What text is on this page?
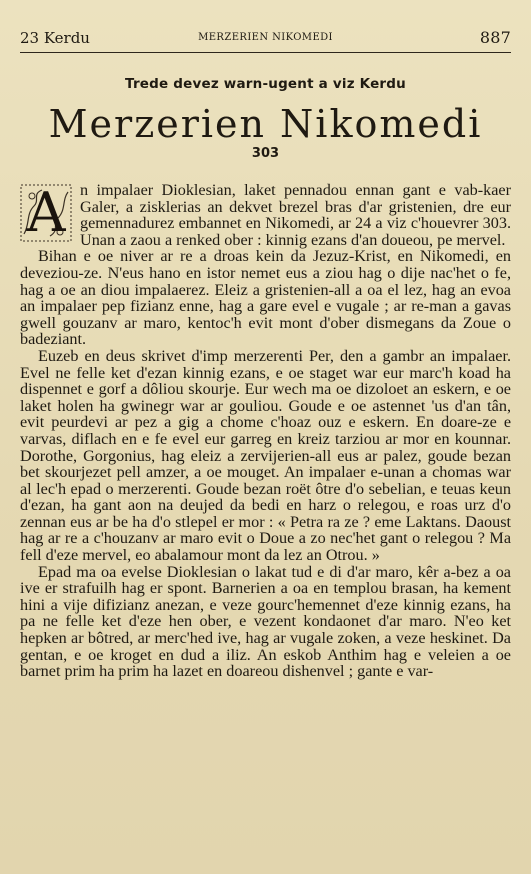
23 Kerdu	MERZERIEN NIKOMEDI	887
Trede devez warn-ugent a viz Kerdu
Merzerien Nikomedi
303
A n impalaer Dioklesian, laket pennadou ennan gant e vab-kaer Galer, a zisklerias an dekvet brezel bras d'ar gristenien, dre eur gemennadurez embannet en Nikomedi, ar 24 a viz c'houevrer 303. Unan a zaou a renked ober : kinnig ezans d'an doueou, pe mervel.

Bihan e oe niver ar re a droas kein da Jezuz-Krist, en Nikomedi, en deveziou-ze. N'eus hano en istor nemet eus a ziou hag o dije nac'het o fe, hag a oe an diou impalaerez. Eleiz a gristenien-all a oa el lez, hag an evoa an impalaer pep fizianz enne, hag a gare evel e vugale ; ar re-man a gavas gwell gouzanv ar maro, kentoc'h evit mont d'ober dismegans da Zoue o badeziant.

Euzeb en deus skrivet d'imp merzerenti Per, den a gambr an impalaer. Evel ne felle ket d'ezan kinnig ezans, e oe staget war eur marc'h koad ha dispennet e gorf a dôliou skourje. Eur wech ma oe dizoloet an eskern, e oe laket holen ha gwinegr war ar gouliou. Goude e oe astennet 'us d'an tân, evit peurdevi ar pez a gig a chome c'hoaz ouz e eskern. En doare-ze e varvas, diflach en e fe evel eur garreg en kreiz tarziou ar mor en kounnar. Dorothe, Gorgonius, hag eleiz a zervijerien-all eus ar palez, goude bezan bet skourjezet pell amzer, a oe mouget. An impalaer e-unan a chomas war al lec'h epad o merzerenti. Goude bezan roët ôtre d'o sebelian, e teuas keun d'ezan, ha gant aon na deujed da bedi en harz o relegou, e roas urz d'o zennan eus ar be ha d'o stlepel er mor : « Petra ra ze ? eme Laktans. Daoust hag ar re a c'houzanv ar maro evit o Doue a zo nec'het gant o relegou ? Ma fell d'eze mervel, eo abalamour mont da lez an Otrou. »

Epad ma oa evelse Dioklesian o lakat tud e di d'ar maro, kêr a-bez a oa ive er strafuilh hag er spont. Barnerien a oa en templou brasan, ha kement hini a vije difizianz anezan, e veze gourc'hemennet d'eze kinnig ezans, ha pa ne felle ket d'eze hen ober, e vezent kondaonet d'ar maro. N'eo ket hepken ar bôtred, ar merc'hed ive, hag ar vugale zoken, a veze heskinet. Da gentan, e oe kroget en dud a iliz. An eskob Anthim hag e veleien a oe barnet prim ha prim ha lazet en doareou dishenvel ; gante e var-
